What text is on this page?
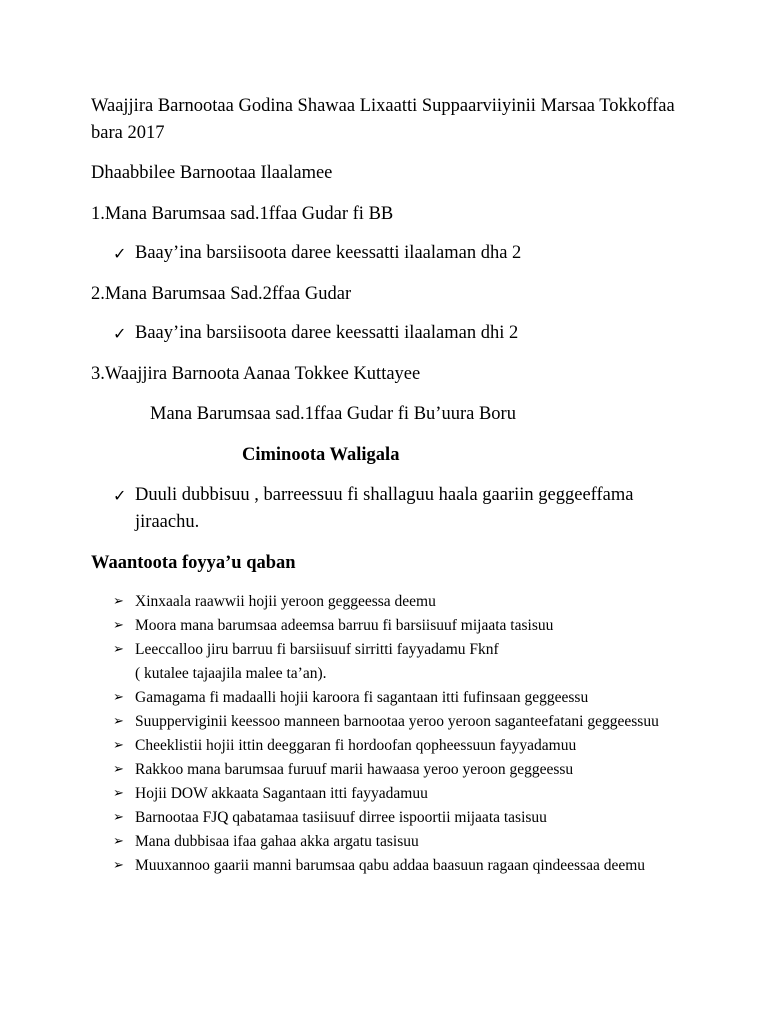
Waajjira Barnootaa Godina Shawaa Lixaatti Suppaarviiyinii Marsaa Tokkoffaa bara 2017

Dhaabbilee Barnootaa Ilaalamee

1.Mana Barumsaa sad.1ffaa Gudar fi BB

✓ Baay’ina barsiisoota daree keessatti ilaalaman dha 2

2.Mana Barumsaa Sad.2ffaa Gudar

✓ Baay’ina barsiisoota daree keessatti ilaalaman dhi 2

3.Waajjira Barnoota Aanaa Tokkee Kuttayee

Mana Barumsaa sad.1ffaa Gudar fi Bu’uura Boru

Ciminoota Waligala

✓ Duuli dubbisuu , barreessuu fi shallaguu haala gaariin geggeeffama jiraachu.

Waantoota foyya’u qaban

➢ Xinxaala raawwii hojii yeroon geggeessa deemu
➢ Moora mana barumsaa adeemsa barruu fi barsiisuuf mijaata tasisuu
➢ Leeccalloo jiru barruu fi barsiisuuf sirritti fayyadamu Fknf
( kutalee tajaajila malee ta’an).
➢ Gamagama fi madaalli hojii karoora fi sagantaan itti fufinsaan geggeessu
➢ Suupperviginii keessoo manneen barnootaa yeroo yeroon saganteefatani geggeessuu
➢ Cheeklistii hojii ittin deeggaran fi hordoofan qopheessuun fayyadamuu
➢ Rakkoo mana barumsaa furuuf marii hawaasa yeroo yeroon geggeessu
➢ Hojii DOW akkaata Sagantaan itti fayyadamuu
➢ Barnootaa FJQ qabatamaa tasiisuuf dirree ispoortii mijaata tasisuu
➢ Mana dubbisaa ifaa gahaa akka argatu tasisuu
➢ Muuxannoo gaarii manni barumsaa qabu addaa baasuun ragaan qindeessaa deemu
